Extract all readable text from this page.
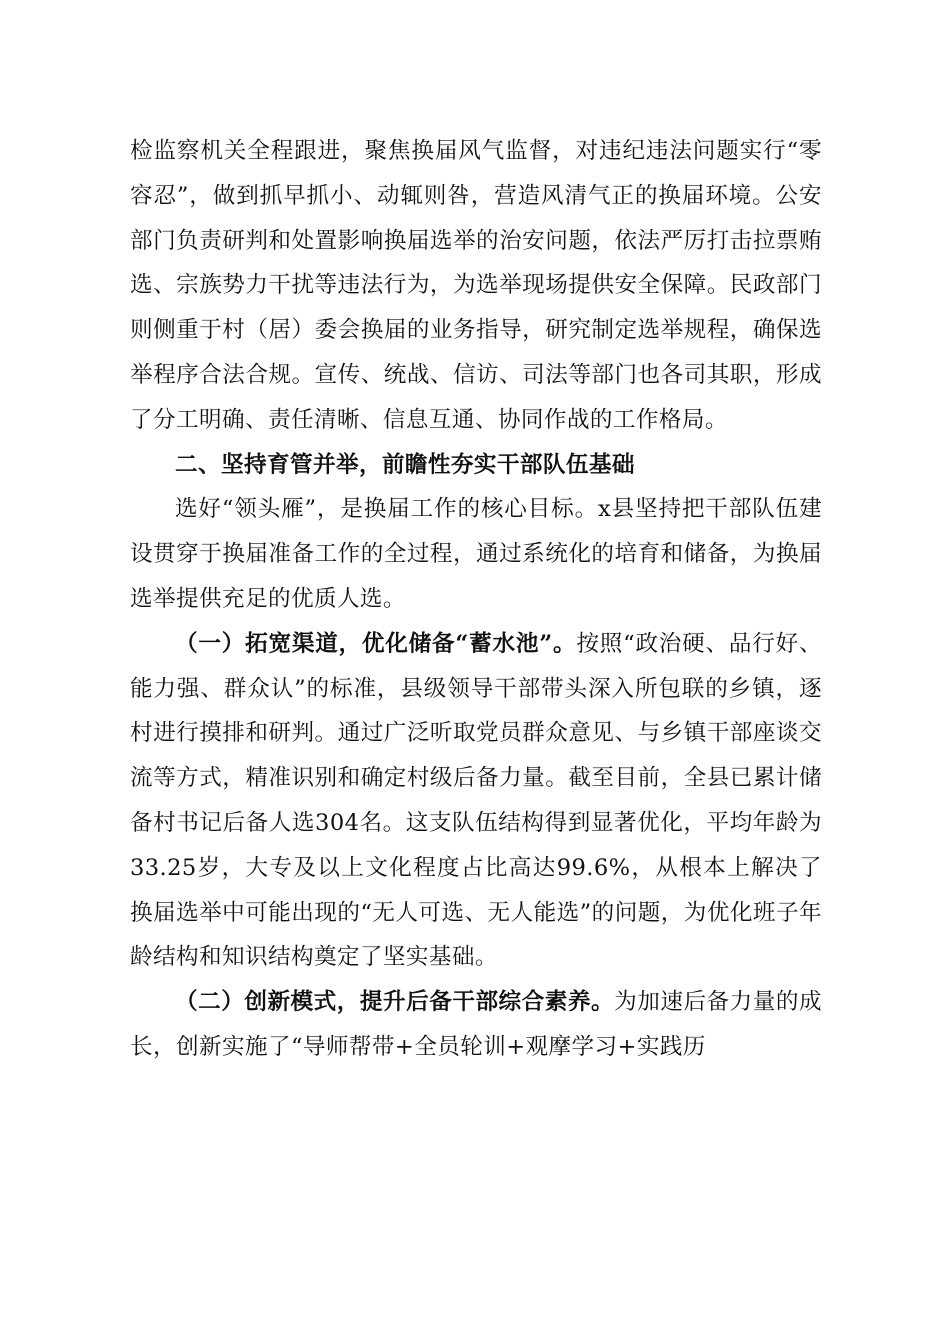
检监察机关全程跟进，聚焦换届风气监督，对违纪违法问题实行“零容忍”，做到抓早抓小、动辄则咎，营造风清气正的换届环境。公安部门负责研判和处置影响换届选举的治安问题，依法严厉打击拉票贿选、宗族势力干扰等违法行为，为选举现场提供安全保障。民政部门则侧重于村（居）委会换届的业务指导，研究制定选举规程，确保选举程序合法合规。宣传、统战、信访、司法等部门也各司其职，形成了分工明确、责任清晰、信息互通、协同作战的工作格局。

二、坚持育管并举，前瞻性夯实干部队伍基础

选好“领头雁”，是换届工作的核心目标。x县坚持把干部队伍建设贯穿于换届准备工作的全过程，通过系统化的培育和储备，为换届选举提供充足的优质人选。

（一）拓宽渠道，优化储备“蓄水池”。按照“政治硬、品行好、能力强、群众认”的标准，县级领导干部带头深入所包联的乡镇，逐村进行摸排和研判。通过广泛听取党员群众意见、与乡镇干部座谈交流等方式，精准识别和确定村级后备力量。截至目前，全县已累计储备村书记后备人选304名。这支队伍结构得到显著优化，平均年龄为33.25岁，大专及以上文化程度占比高达99.6%，从根本上解决了换届选举中可能出现的“无人可选、无人能选”的问题，为优化班子年龄结构和知识结构奠定了坚实基础。

（二）创新模式，提升后备干部综合素养。为加速后备力量的成长，创新实施了“导师帮带+全员轮训+观摩学习+实践历
